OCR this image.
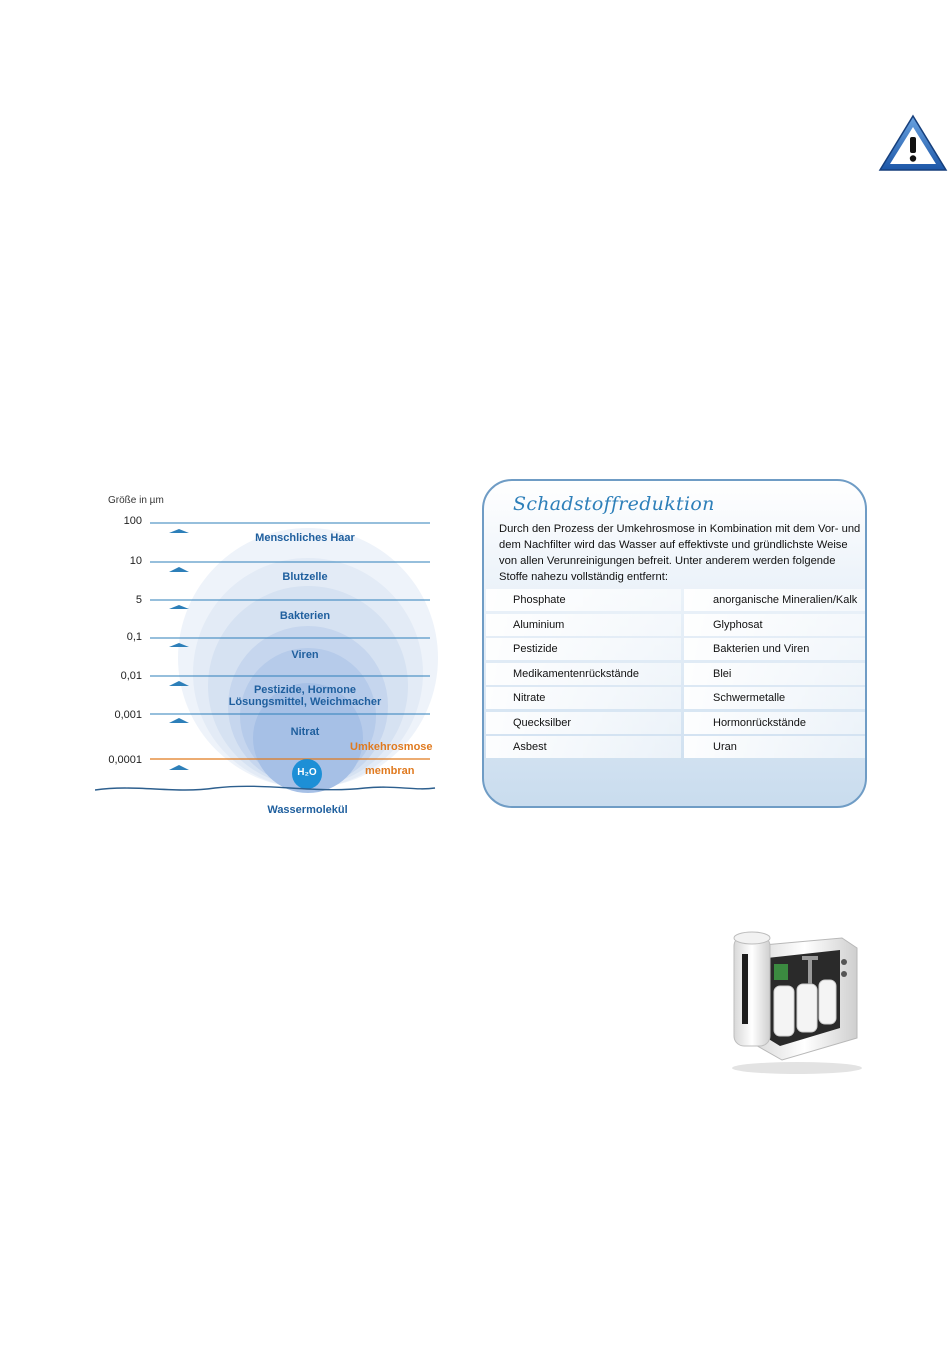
Größe in µm
100
10
5
0,1
0,01
0,001
0,0001
Menschliches Haar
Blutzelle
Bakterien
Viren
Pestizide, Hormone
Lösungsmittel, Weichmacher
Nitrat
Umkehrosmose
membran
H₂O
Wassermolekül
Schadstoffreduktion
Durch den Prozess der Umkehrosmose in Kombination mit dem Vor- und dem Nachfilter wird das Wasser auf effektivste und gründlichste Weise von allen Verunreinigungen befreit. Unter anderem werden folgende Stoffe nahezu vollständig entfernt:
Phosphate	anorganische Mineralien/Kalk
Aluminium	Glyphosat
Pestizide	Bakterien und Viren
Medikamentenrückstände	Blei
Nitrate	Schwermetalle
Quecksilber	Hormonrückstände
Asbest	Uran
